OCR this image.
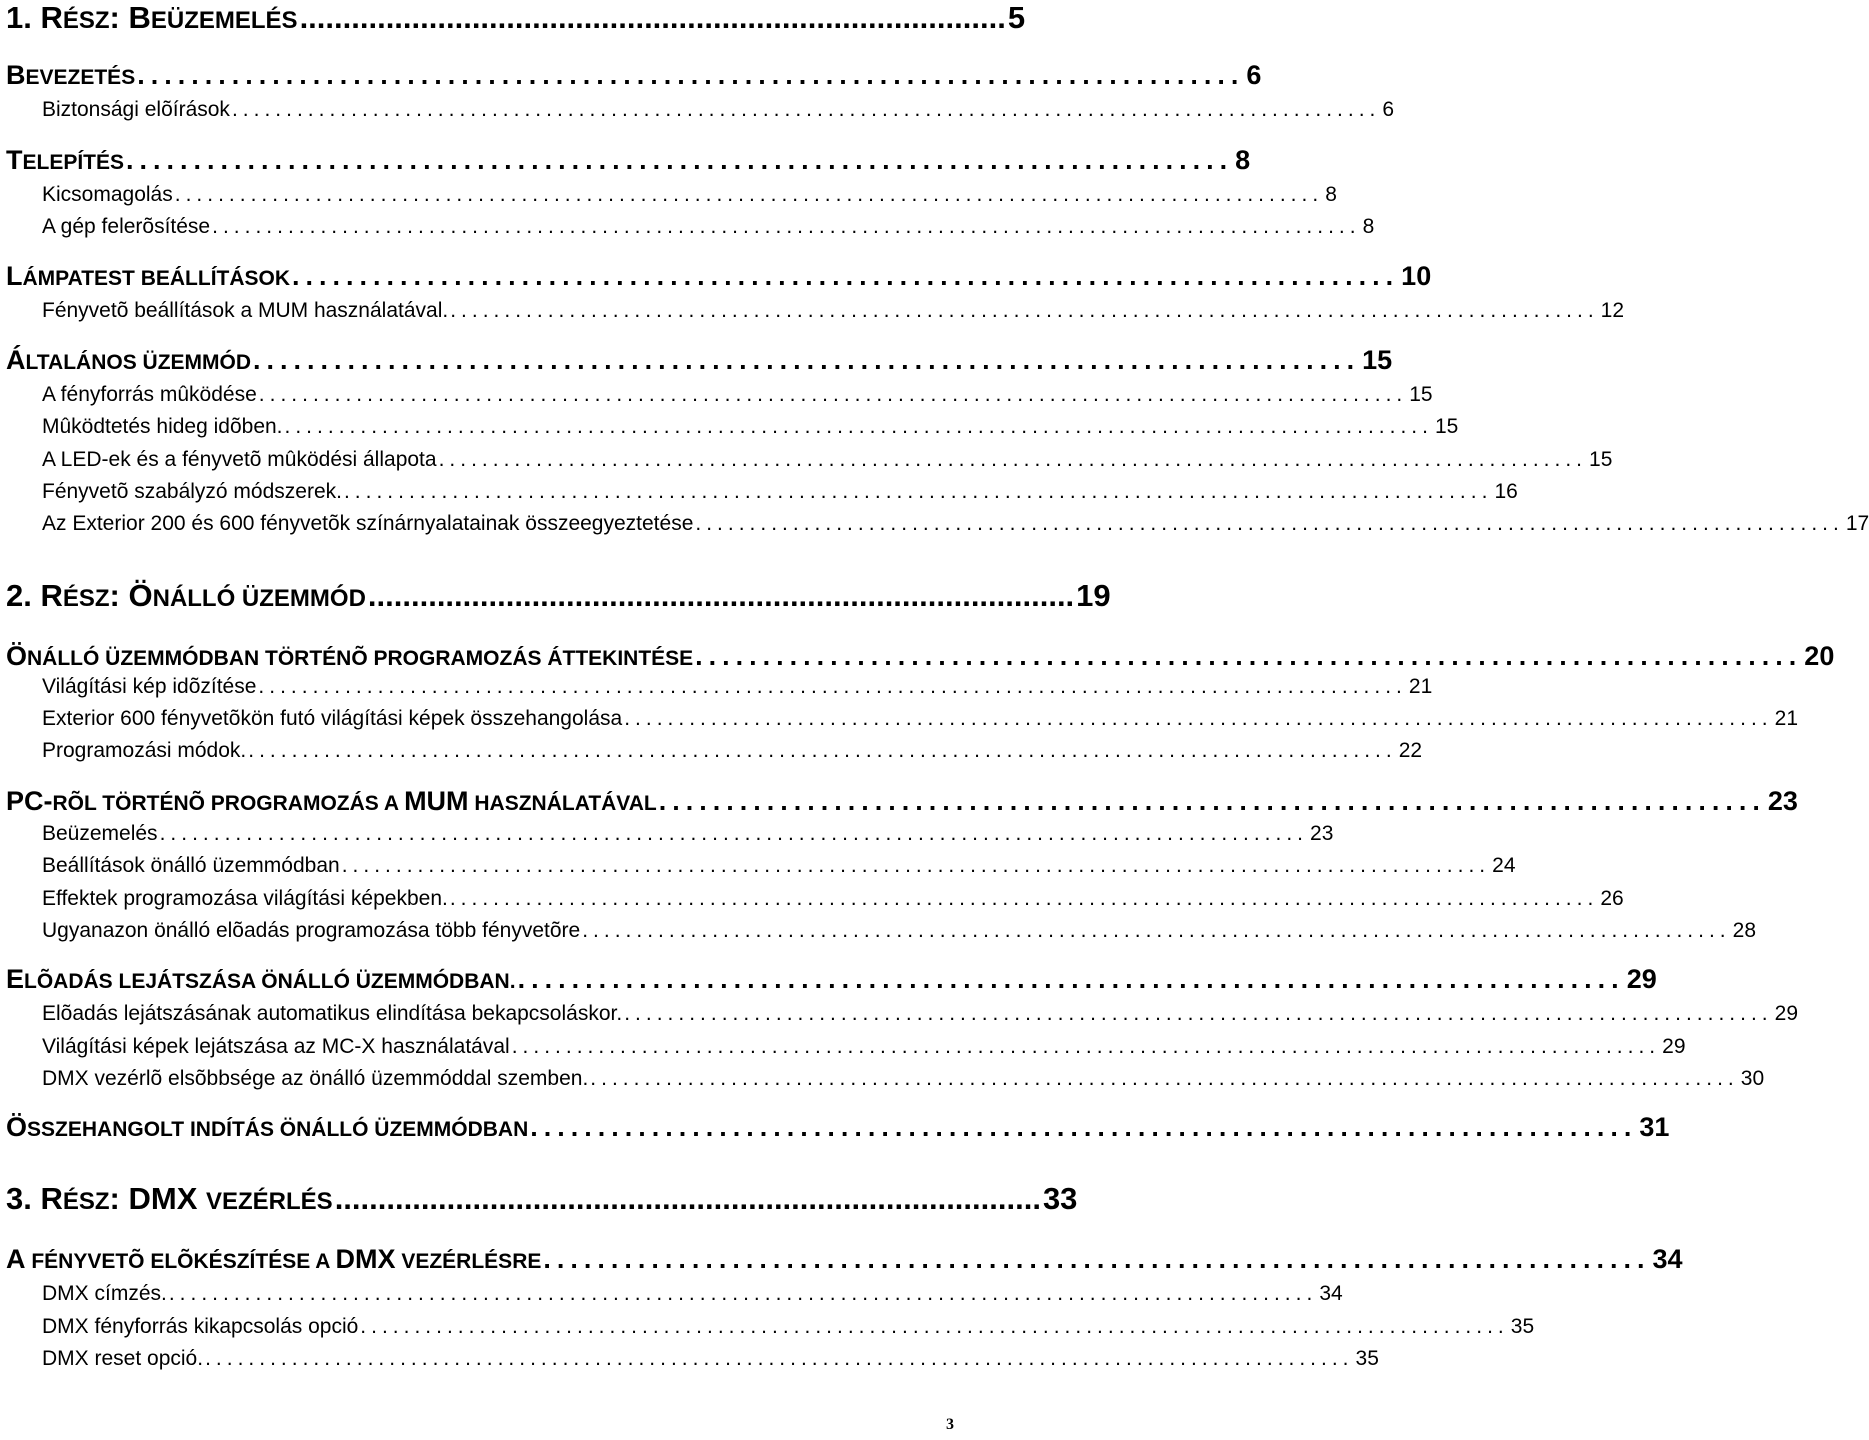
1. RÉSZ: BEÜZEMELÉS .................................................................................. 5
BEVEZETÉS .................................................................................. 6
Biztonsági elõírások .......................................................................................................... 6
TELEPÍTÉS .................................................................................. 8
Kicsomagolás .......................................................................................................... 8
A gép felerõsítése .......................................................................................................... 8
LÁMPATEST BEÁLLÍTÁSOK .................................................................................. 10
Fényvetõ beállítások a MUM használatával. .......................................................................................................... 12
ÁLTALÁNOS ÜZEMMÓD .................................................................................. 15
A fényforrás mûködése .......................................................................................................... 15
Mûködtetés hideg idõben. .......................................................................................................... 15
A LED-ek és a fényvetõ mûködési állapota .......................................................................................................... 15
Fényvetõ szabályzó módszerek. .......................................................................................................... 16
Az Exterior 200 és 600 fényvetõk színárnyalatainak összeegyeztetése .......................................................................................................... 17
2. RÉSZ: ÖNÁLLÓ ÜZEMMÓD .................................................................................. 19
ÖNÁLLÓ ÜZEMMÓDBAN TÖRTÉNÕ PROGRAMOZÁS ÁTTEKINTÉSE .................................................................................. 20
Világítási kép idõzítése .......................................................................................................... 21
Exterior 600 fényvetõkön futó világítási képek összehangolása .......................................................................................................... 21
Programozási módok. .......................................................................................................... 22
PC-RÕL TÖRTÉNÕ PROGRAMOZÁS A MUM HASZNÁLATÁVAL .................................................................................. 23
Beüzemelés .......................................................................................................... 23
Beállítások önálló üzemmódban .......................................................................................................... 24
Effektek programozása világítási képekben. .......................................................................................................... 26
Ugyanazon önálló elõadás programozása több fényvetõre .......................................................................................................... 28
ELÕADÁS LEJÁTSZÁSA ÖNÁLLÓ ÜZEMMÓDBAN. .................................................................................. 29
Elõadás lejátszásának automatikus elindítása bekapcsoláskor. .......................................................................................................... 29
Világítási képek lejátszása az MC-X használatával .......................................................................................................... 29
DMX vezérlõ elsõbbsége az önálló üzemmóddal szemben. .......................................................................................................... 30
ÖSSZEHANGOLT INDÍTÁS ÖNÁLLÓ ÜZEMMÓDBAN .................................................................................. 31
3. RÉSZ: DMX VEZÉRLÉS .................................................................................. 33
A FÉNYVETÕ ELÕKÉSZÍTÉSE A DMX VEZÉRLÉSRE .................................................................................. 34
DMX címzés. .......................................................................................................... 34
DMX fényforrás kikapcsolás opció .......................................................................................................... 35
DMX reset opció. .......................................................................................................... 35
3
